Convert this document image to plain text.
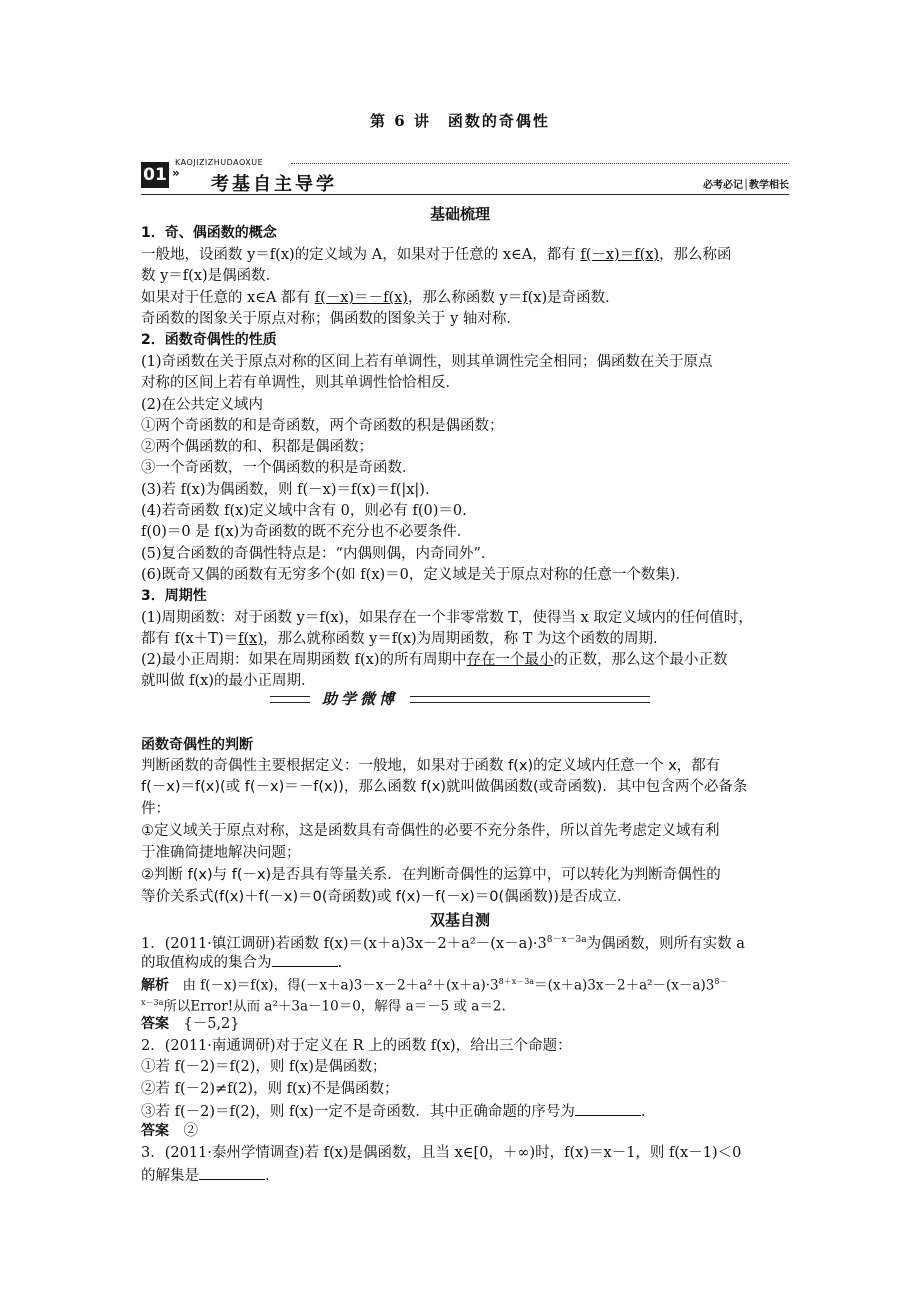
第 6 讲　函数的奇偶性
01 »
KAOJIZIZHUDAOXUE
考基自主导学	必考必记│教学相长
基础梳理
1．奇、偶函数的概念
一般地，设函数 y＝f(x)的定义域为 A，如果对于任意的 x∈A，都有 f(－x)＝f(x)，那么称函
数 y＝f(x)是偶函数．
如果对于任意的 x∈A 都有 f(－x)＝－f(x)，那么称函数 y＝f(x)是奇函数．
奇函数的图象关于原点对称；偶函数的图象关于 y 轴对称．
2．函数奇偶性的性质
(1)奇函数在关于原点对称的区间上若有单调性，则其单调性完全相同；偶函数在关于原点
对称的区间上若有单调性，则其单调性恰恰相反．
(2)在公共定义域内
①两个奇函数的和是奇函数，两个奇函数的积是偶函数；
②两个偶函数的和、积都是偶函数；
③一个奇函数，一个偶函数的积是奇函数．
(3)若 f(x)为偶函数，则 f(－x)＝f(x)＝f(|x|)．
(4)若奇函数 f(x)定义域中含有 0，则必有 f(0)＝0.
f(0)＝0 是 f(x)为奇函数的既不充分也不必要条件．
(5)复合函数的奇偶性特点是：“内偶则偶，内奇同外”．
(6)既奇又偶的函数有无穷多个(如 f(x)＝0，定义域是关于原点对称的任意一个数集)．
3．周期性
(1)周期函数：对于函数 y＝f(x)，如果存在一个非零常数 T，使得当 x 取定义域内的任何值时，
都有 f(x＋T)＝f(x)，那么就称函数 y＝f(x)为周期函数，称 T 为这个函数的周期．
(2)最小正周期：如果在周期函数 f(x)的所有周期中存在一个最小的正数，那么这个最小正数
就叫做 f(x)的最小正周期．
助学微博
函数奇偶性的判断
判断函数的奇偶性主要根据定义：一般地，如果对于函数 f(x)的定义域内任意一个 x，都有
f(－x)＝f(x)(或 f(－x)＝－f(x))，那么函数 f(x)就叫做偶函数(或奇函数)．其中包含两个必备条
件：
①定义域关于原点对称，这是函数具有奇偶性的必要不充分条件，所以首先考虑定义域有利
于准确简捷地解决问题；
②判断 f(x)与 f(－x)是否具有等量关系．在判断奇偶性的运算中，可以转化为判断奇偶性的
等价关系式(f(x)＋f(－x)＝0(奇函数)或 f(x)－f(－x)＝0(偶函数))是否成立．
双基自测
1．(2011·镇江调研)若函数 $f(x)=(x+a)3x-2+a^2-(x-a)\cdot 3^{8-x-3a}$为偶函数，则所有实数 a
的取值构成的集合为	.
解析　 由 f(－x)＝f(x)，得$(-x+a)3-x-2+a^2+(x+a)\cdot 3^{8+x-3a}=(x+a)3x-2+a^2-(x-a)3^{8-}$
$^{x-3a}$所以Error!从而 a²＋3a－10＝0，解得 a＝－5 或 a＝2.
答案　 {－5,2}
2．(2011·南通调研)对于定义在 R 上的函数 f(x)，给出三个命题：
①若 f(－2)＝f(2)，则 f(x)是偶函数；
②若 f(－2)≠f(2)，则 f(x)不是偶函数；
③若 f(－2)＝f(2)，则 f(x)一定不是奇函数．其中正确命题的序号为	.
答案　 ②
3．(2011·泰州学情调查)若 f(x)是偶函数，且当 x∈[0，＋∞)时，f(x)＝x－1，则 f(x－1)＜0
的解集是	.
